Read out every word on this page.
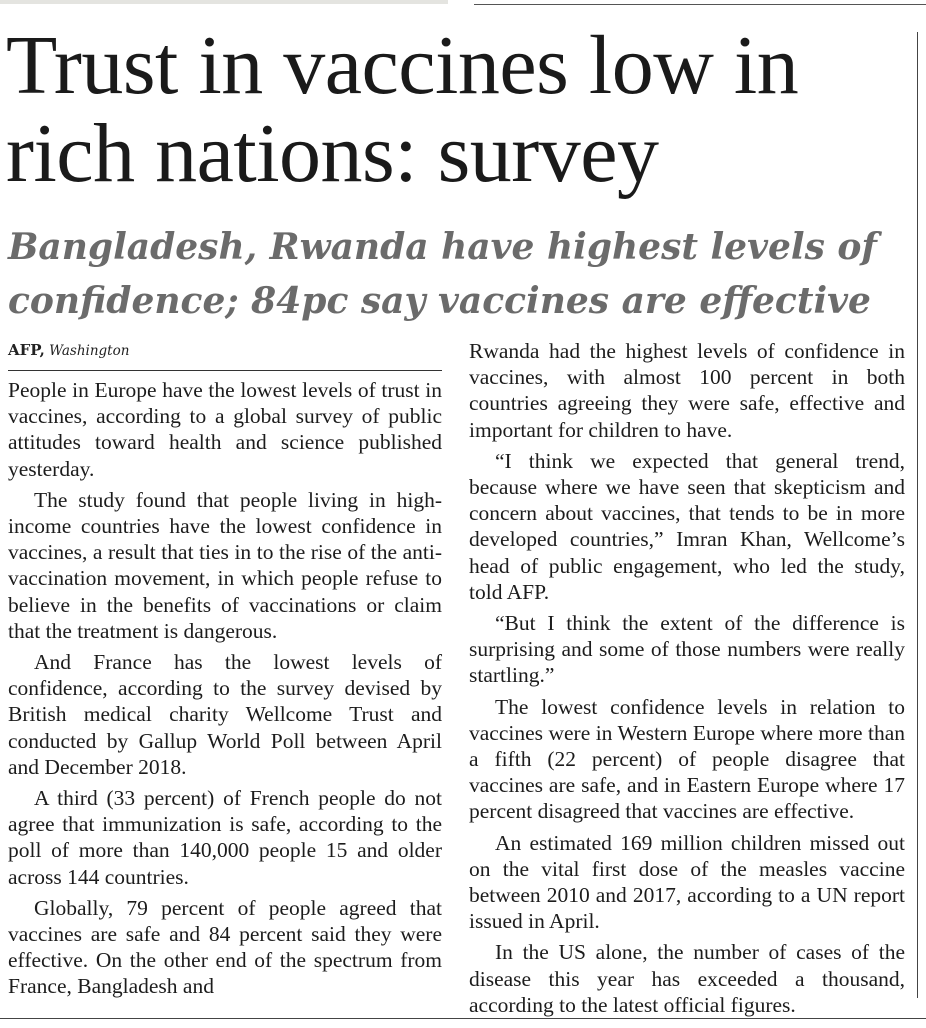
Trust in vaccines low in rich nations: survey
Bangladesh, Rwanda have highest levels of confidence; 84pc say vaccines are effective
AFP, Washington

People in Europe have the lowest levels of trust in vaccines, according to a global survey of public attitudes toward health and science published yesterday.

The study found that people living in high-income countries have the lowest confidence in vaccines, a result that ties in to the rise of the anti-vaccination movement, in which people refuse to believe in the benefits of vaccinations or claim that the treatment is dangerous.

And France has the lowest levels of confidence, according to the survey devised by British medical charity Wellcome Trust and conducted by Gallup World Poll between April and December 2018.

A third (33 percent) of French people do not agree that immunization is safe, according to the poll of more than 140,000 people 15 and older across 144 countries.

Globally, 79 percent of people agreed that vaccines are safe and 84 percent said they were effective. On the other end of the spectrum from France, Bangladesh and

Rwanda had the highest levels of confidence in vaccines, with almost 100 percent in both countries agreeing they were safe, effective and important for children to have.

“I think we expected that general trend, because where we have seen that skepticism and concern about vaccines, that tends to be in more developed countries,” Imran Khan, Wellcome’s head of public engagement, who led the study, told AFP.

“But I think the extent of the difference is surprising and some of those numbers were really startling.”

The lowest confidence levels in relation to vaccines were in Western Europe where more than a fifth (22 percent) of people disagree that vaccines are safe, and in Eastern Europe where 17 percent disagreed that vaccines are effective.

An estimated 169 million children missed out on the vital first dose of the measles vaccine between 2010 and 2017, according to a UN report issued in April.

In the US alone, the number of cases of the disease this year has exceeded a thousand, according to the latest official figures.
